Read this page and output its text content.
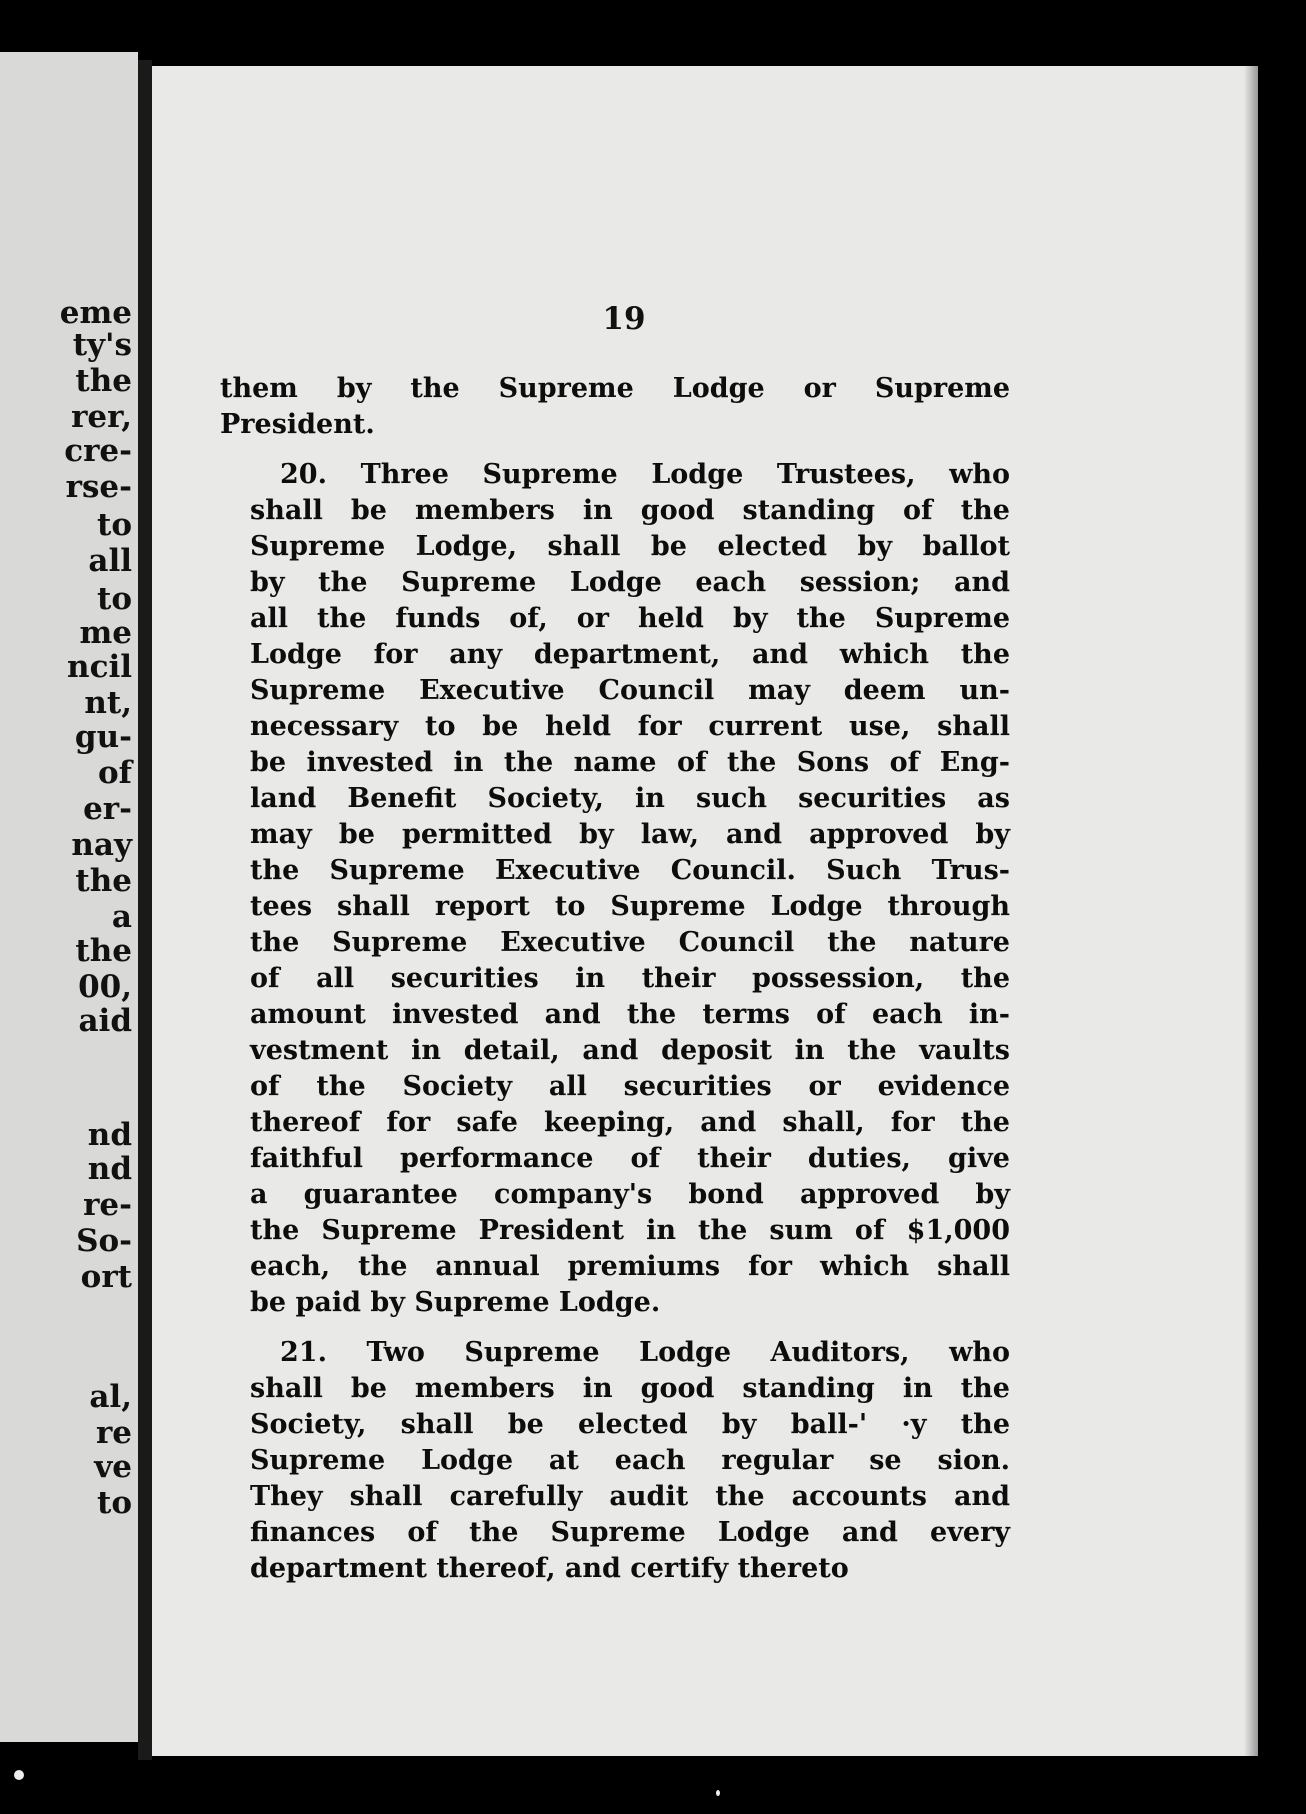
eme
ty's
the
rer,
cre-
rse-
to
all
to
me
ncil
nt,
gu-
of
er-
nay
the
a
the
00,
aid
nd
nd
re-
So-
ort
al,
re
ve
to
19
them by the Supreme Lodge or Supreme
President.
20. Three Supreme Lodge Trustees, who
shall be members in good standing of the
Supreme Lodge, shall be elected by ballot
by the Supreme Lodge each session; and
all the funds of, or held by the Supreme
Lodge for any department, and which the
Supreme Executive Council may deem un-
necessary to be held for current use, shall
be invested in the name of the Sons of Eng-
land Benefit Society, in such securities as
may be permitted by law, and approved by
the Supreme Executive Council. Such Trus-
tees shall report to Supreme Lodge through
the Supreme Executive Council the nature
of all securities in their possession, the
amount invested and the terms of each in-
vestment in detail, and deposit in the vaults
of the Society all securities or evidence
thereof for safe keeping, and shall, for the
faithful performance of their duties, give
a guarantee company's bond approved by
the Supreme President in the sum of $1,000
each, the annual premiums for which shall
be paid by Supreme Lodge.
21. Two Supreme Lodge Auditors, who
shall be members in good standing in the
Society, shall be elected by ball-' ·y the
Supreme Lodge at each regular se sion.
They shall carefully audit the accounts and
finances of the Supreme Lodge and every
department thereof, and certify thereto
